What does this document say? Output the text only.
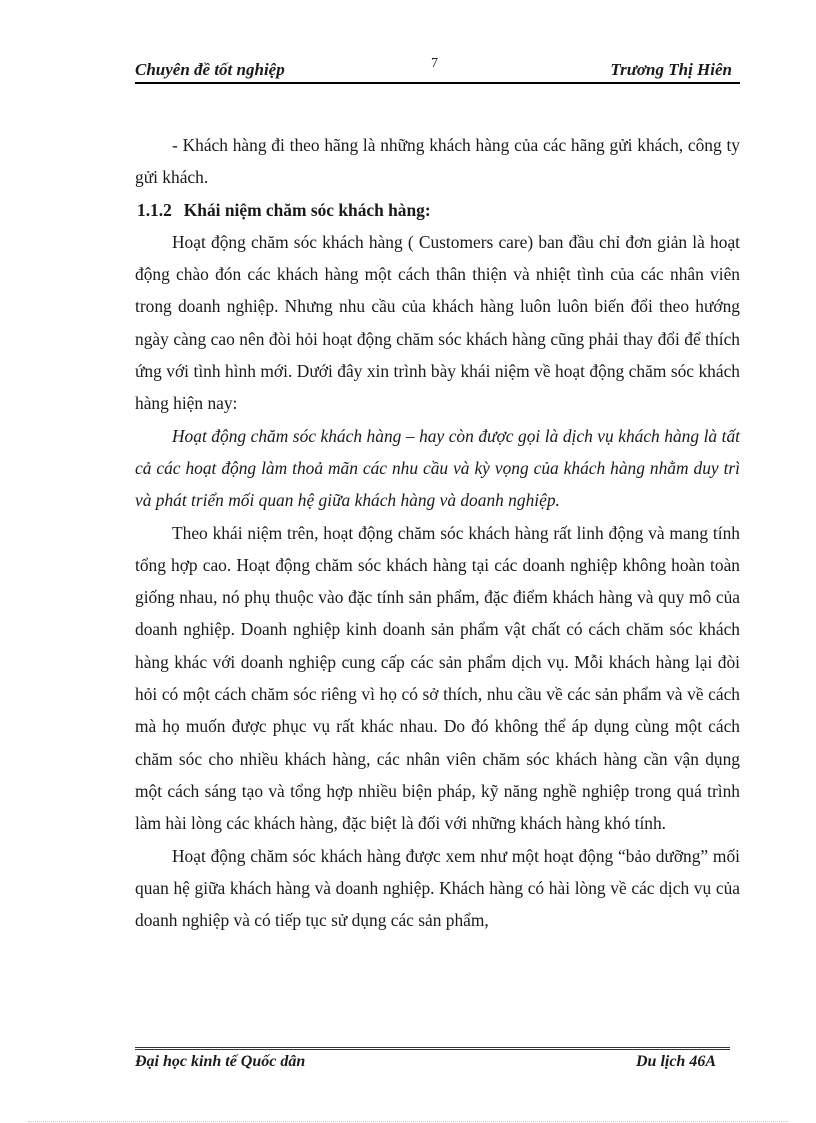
Chuyên đề tốt nghiệp	7	Trương Thị Hiên

- Khách hàng đi theo hãng là những khách hàng của các hãng gửi khách, công ty gửi khách.

1.1.2 Khái niệm chăm sóc khách hàng:

Hoạt động chăm sóc khách hàng ( Customers care) ban đầu chỉ đơn giản là hoạt động chào đón các khách hàng một cách thân thiện và nhiệt tình của các nhân viên trong doanh nghiệp. Nhưng nhu cầu của khách hàng luôn luôn biến đổi theo hướng ngày càng cao nên đòi hỏi hoạt động chăm sóc khách hàng cũng phải thay đổi để thích ứng với tình hình mới. Dưới đây xin trình bày khái niệm về hoạt động chăm sóc khách hàng hiện nay:

Hoạt động chăm sóc khách hàng – hay còn được gọi là dịch vụ khách hàng là tất cả các hoạt động làm thoả mãn các nhu cầu và kỳ vọng của khách hàng nhằm duy trì và phát triển mối quan hệ giữa khách hàng và doanh nghiệp.

Theo khái niệm trên, hoạt động chăm sóc khách hàng rất linh động và mang tính tổng hợp cao. Hoạt động chăm sóc khách hàng tại các doanh nghiệp không hoàn toàn giống nhau, nó phụ thuộc vào đặc tính sản phẩm, đặc điểm khách hàng và quy mô của doanh nghiệp. Doanh nghiệp kinh doanh sản phẩm vật chất có cách chăm sóc khách hàng khác với doanh nghiệp cung cấp các sản phẩm dịch vụ. Mỗi khách hàng lại đòi hỏi có một cách chăm sóc riêng vì họ có sở thích, nhu cầu về các sản phẩm và về cách mà họ muốn được phục vụ rất khác nhau. Do đó không thể áp dụng cùng một cách chăm sóc cho nhiều khách hàng, các nhân viên chăm sóc khách hàng cần vận dụng một cách sáng tạo và tổng hợp nhiều biện pháp, kỹ năng nghề nghiệp trong quá trình làm hài lòng các khách hàng, đặc biệt là đối với những khách hàng khó tính.

Hoạt động chăm sóc khách hàng được xem như một hoạt động “bảo dưỡng” mối quan hệ giữa khách hàng và doanh nghiệp. Khách hàng có hài lòng về các dịch vụ của doanh nghiệp và có tiếp tục sử dụng các sản phẩm,

Đại học kinh tế Quốc dân	Du lịch 46A
